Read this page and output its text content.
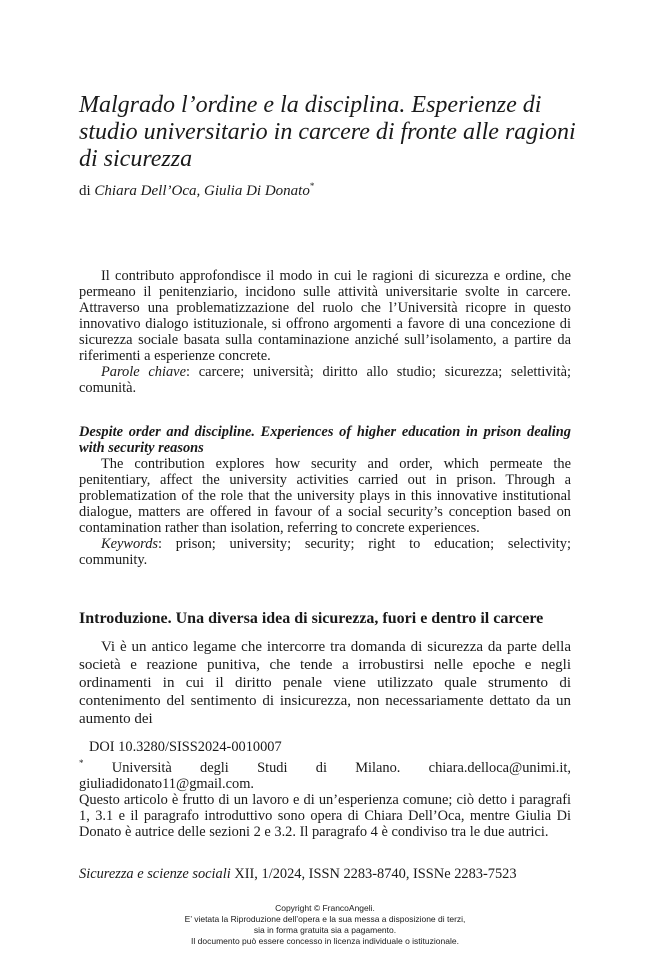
Malgrado l’ordine e la disciplina. Esperienze di studio universitario in carcere di fronte alle ragioni di sicurezza
di Chiara Dell’Oca, Giulia Di Donato*

Il contributo approfondisce il modo in cui le ragioni di sicurezza e ordine, che permeano il penitenziario, incidono sulle attività universitarie svolte in carcere. Attraverso una problematizzazione del ruolo che l’Università ricopre in questo innovativo dialogo istituzionale, si offrono argomenti a favore di una concezione di sicurezza sociale basata sulla contaminazione anziché sull’isolamento, a partire da riferimenti a esperienze concrete.

Parole chiave: carcere; università; diritto allo studio; sicurezza; selettività; comunità.

Despite order and discipline. Experiences of higher education in prison dealing with security reasons

The contribution explores how security and order, which permeate the penitentiary, affect the university activities carried out in prison. Through a problematization of the role that the university plays in this innovative institutional dialogue, matters are offered in favour of a social security’s conception based on contamination rather than isolation, referring to concrete experiences.

Keywords: prison; university; security; right to education; selectivity; community.

Introduzione. Una diversa idea di sicurezza, fuori e dentro il carcere

Vi è un antico legame che intercorre tra domanda di sicurezza da parte della società e reazione punitiva, che tende a irrobustirsi nelle epoche e negli ordinamenti in cui il diritto penale viene utilizzato quale strumento di contenimento del sentimento di insicurezza, non necessariamente dettato da un aumento dei

DOI 10.3280/SISS2024-0010007
* Università degli Studi di Milano. chiara.delloca@unimi.it, giuliadidonato11@gmail.com.
Questo articolo è frutto di un lavoro e di un’esperienza comune; ciò detto i paragrafi 1, 3.1 e il paragrafo introduttivo sono opera di Chiara Dell’Oca, mentre Giulia Di Donato è autrice delle sezioni 2 e 3.2. Il paragrafo 4 è condiviso tra le due autrici.
Sicurezza e scienze sociali XII, 1/2024, ISSN 2283-8740, ISSNe 2283-7523
Copyright © FrancoAngeli.
E’ vietata la Riproduzione dell’opera e la sua messa a disposizione di terzi,
sia in forma gratuita sia a pagamento.
Il documento può essere concesso in licenza individuale o istituzionale.
